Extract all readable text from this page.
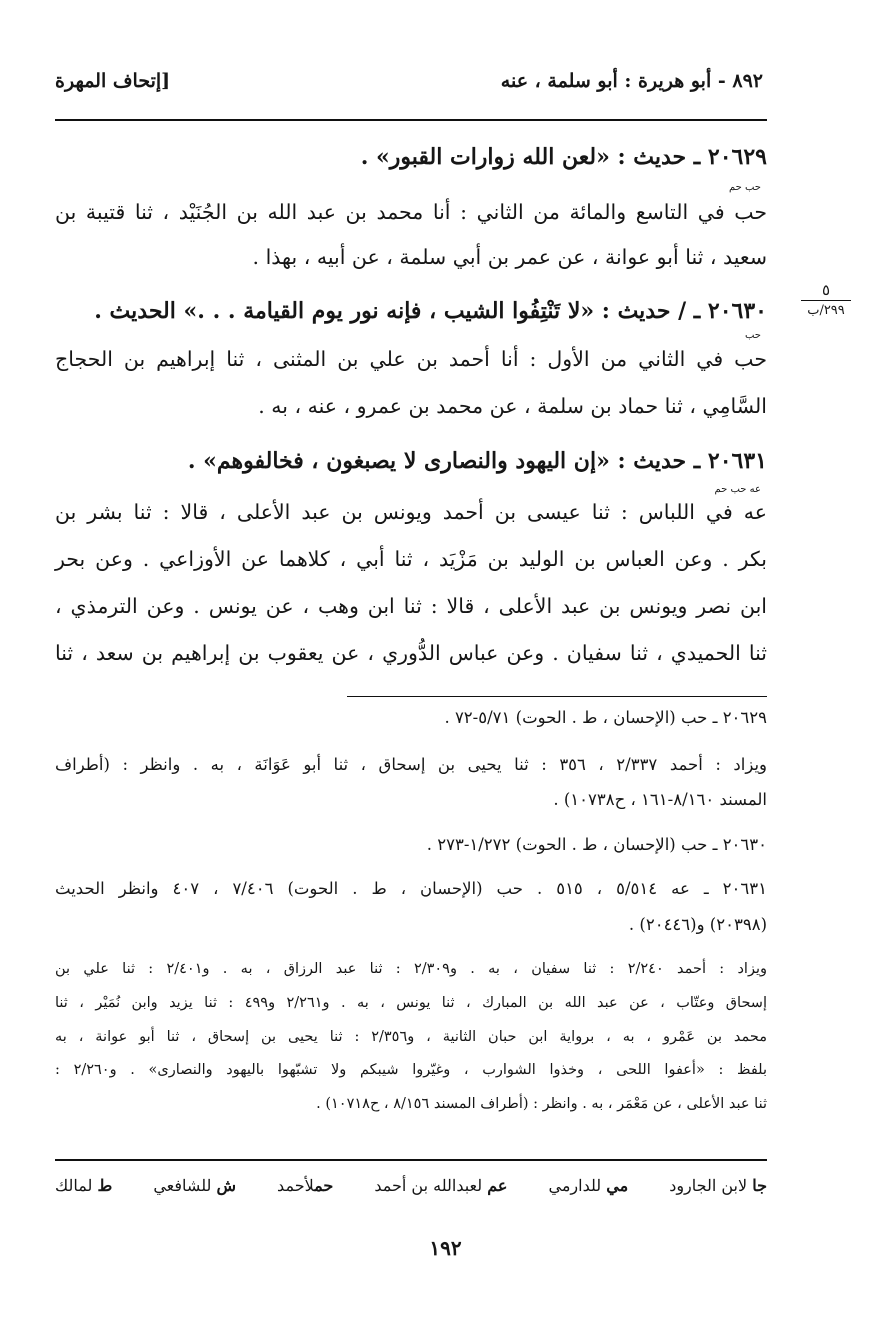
٨٩٢ - أبو هريرة : أبو سلمة ، عنه
[إتحاف المهرة
٢٠٦٢٩ ـ حديث : «لعن الله زوارات القبور» .
حب حم
حب في التاسع والمائة من الثاني : أنا محمد بن عبد الله بن الجُنَيْد ، ثنا قتيبة بن
سعيد ، ثنا أبو عوانة ، عن عمر بن أبي سلمة ، عن أبيه ، بهذا .
٥
٢٩٩/ب
٢٠٦٣٠ ـ / حديث : «لا تَنْتِفُوا الشيب ، فإنه نور يوم القيامة . . .» الحديث .
حب
حب في الثاني من الأول : أنا أحمد بن علي بن المثنى ، ثنا إبراهيم بن الحجاج
السَّامِي ، ثنا حماد بن سلمة ، عن محمد بن عمرو ، عنه ، به .
٢٠٦٣١ ـ حديث : «إن اليهود والنصارى لا يصبغون ، فخالفوهم» .
عه حب حم
عه في اللباس : ثنا عيسى بن أحمد ويونس بن عبد الأعلى ، قالا : ثنا بشر بن
بكر . وعن العباس بن الوليد بن مَزْيَد ، ثنا أبي ، كلاهما عن الأوزاعي . وعن بحر
ابن نصر ويونس بن عبد الأعلى ، قالا : ثنا ابن وهب ، عن يونس . وعن الترمذي ،
ثنا الحميدي ، ثنا سفيان . وعن عباس الدُّوري ، عن يعقوب بن إبراهيم بن سعد ، ثنا
٢٠٦٢٩ ـ حب (الإحسان ، ط . الحوت) ٥/٧١-٧٢ .
ويزاد : أحمد ٢/٣٣٧ ، ٣٥٦ : ثنا يحيى بن إسحاق ، ثنا أبو عَوَانَة ، به . وانظر : (أطراف
المسند ٨/١٦٠-١٦١ ، ح١٠٧٣٨) .
٢٠٦٣٠ ـ حب (الإحسان ، ط . الحوت) ١/٢٧٢-٢٧٣ .
٢٠٦٣١ ـ عه ٥/٥١٤ ، ٥١٥ . حب (الإحسان ، ط . الحوت) ٧/٤٠٦ ، ٤٠٧ وانظر الحديث
(٢٠٣٩٨) و(٢٠٤٤٦) .
ويزاد : أحمد ٢/٢٤٠ : ثنا سفيان ، به . و٢/٣٠٩ : ثنا عبد الرزاق ، به . و٢/٤٠١ : ثنا علي بن
إسحاق وعتّاب ، عن عبد الله بن المبارك ، ثنا يونس ، به . و٢/٢٦١ و٤٩٩ : ثنا يزيد وابن نُمَيْر ، ثنا
محمد بن عَمْرو ، به ، برواية ابن حبان الثانية ، و٢/٣٥٦ : ثنا يحيى بن إسحاق ، ثنا أبو عوانة ، به
بلفظ : «أعفوا اللحى ، وخذوا الشوارب ، وغيّروا شيبكم ولا تشبّهوا باليهود والنصارى» . و٢/٢٦٠ :
ثنا عبد الأعلى ، عن مَعْمَر ، به . وانظر : (أطراف المسند ٨/١٥٦ ، ح١٠٧١٨) .
ط لمالك	ش للشافعي	حملأحمد	عم لعبدالله بن أحمد	مي للدارمي	جا لابن الجارود
١٩٢
